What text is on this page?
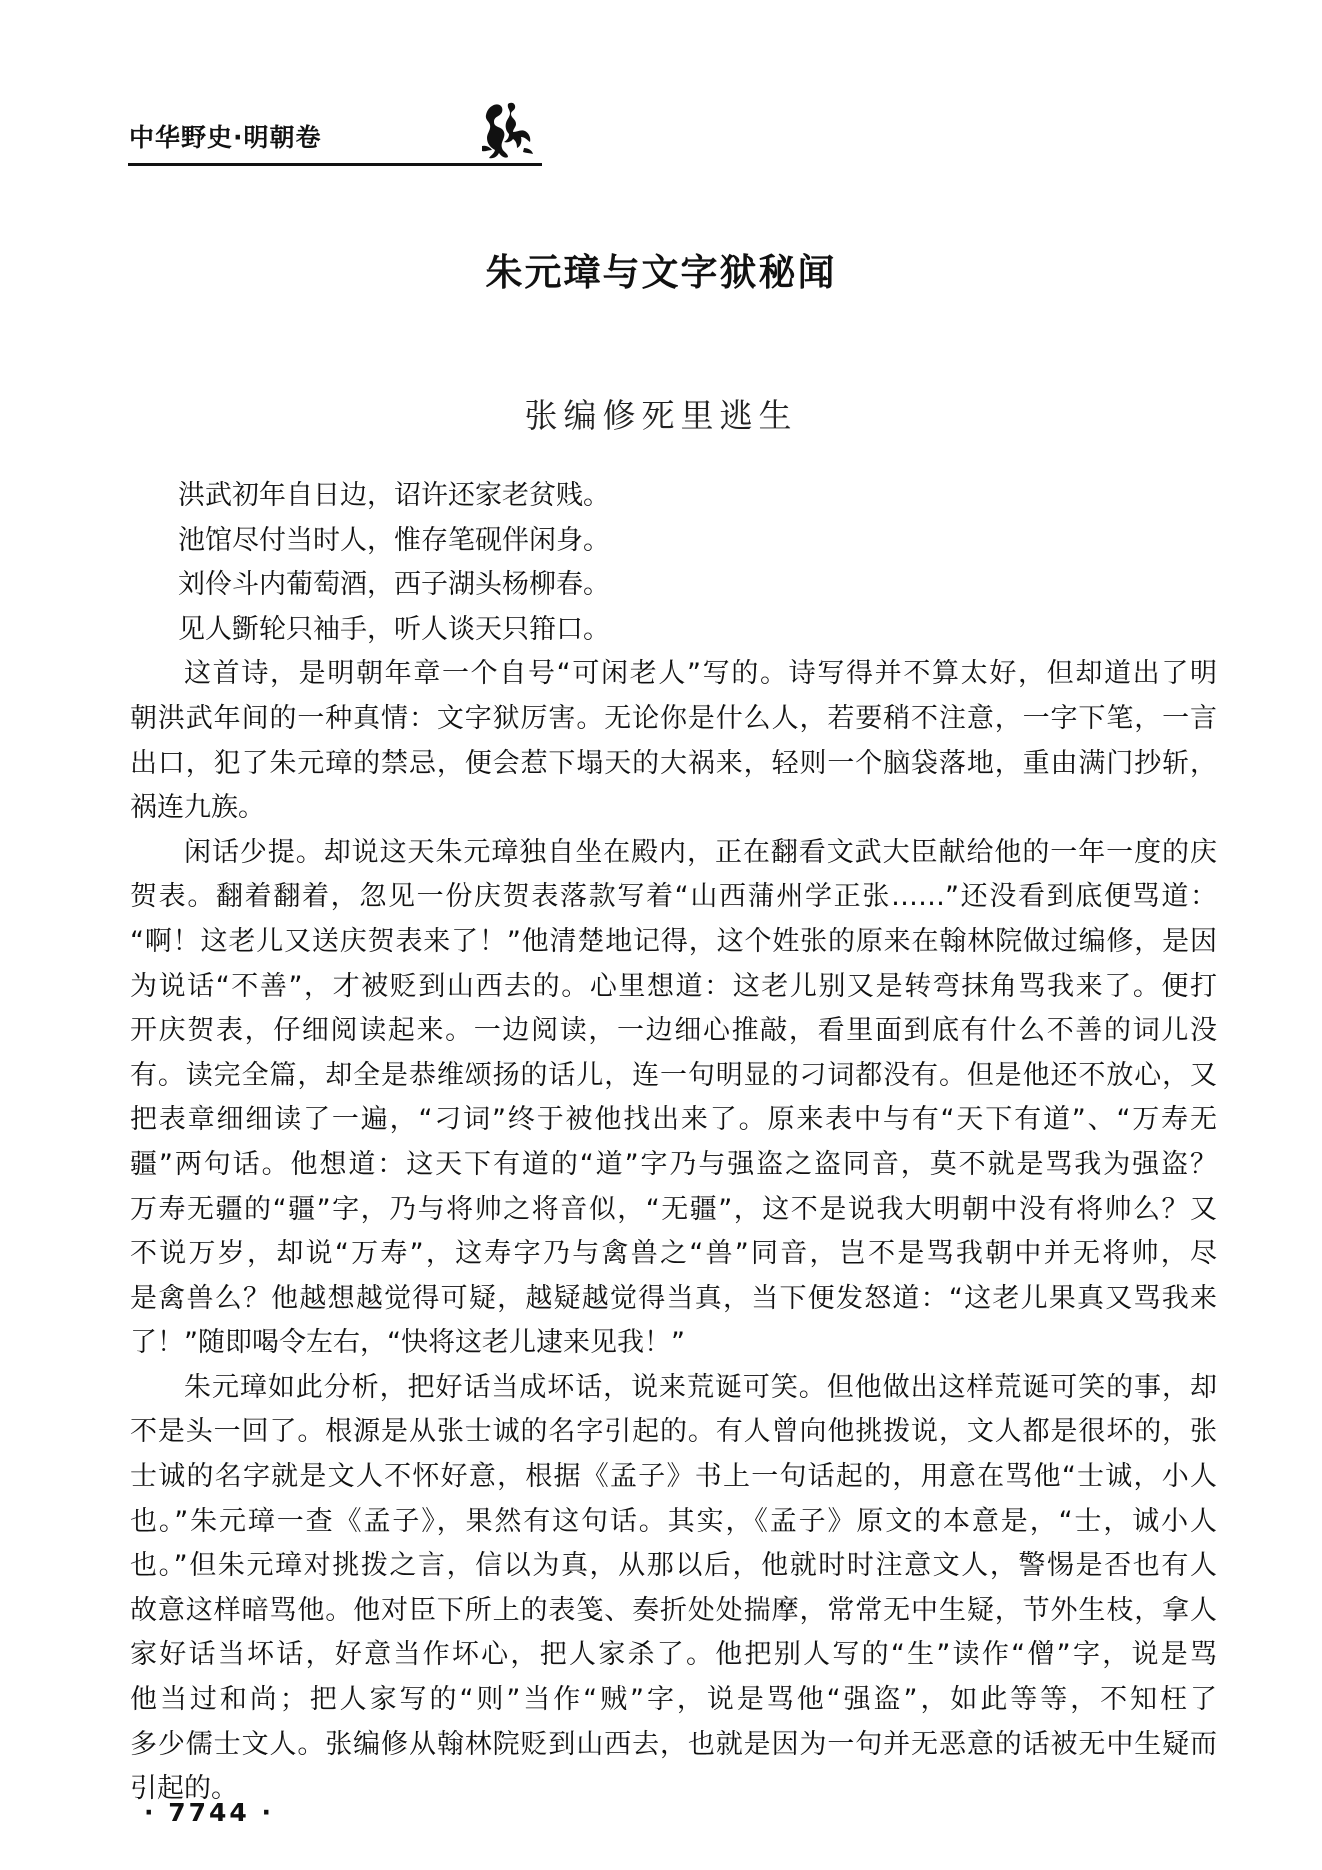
中华野史·明朝卷
朱元璋与文字狱秘闻
张编修死里逃生
洪武初年自日边，诏许还家老贫贱。
池馆尽付当时人，惟存笔砚伴闲身。
刘伶斗内葡萄酒，西子湖头杨柳春。
见人斵轮只袖手，听人谈天只箝口。
这首诗，是明朝年章一个自号“可闲老人”写的。诗写得并不算太好，但却道出了明
朝洪武年间的一种真情：文字狱厉害。无论你是什么人，若要稍不注意，一字下笔，一言
出口，犯了朱元璋的禁忌，便会惹下塌天的大祸来，轻则一个脑袋落地，重由满门抄斩，
祸连九族。
闲话少提。却说这天朱元璋独自坐在殿内，正在翻看文武大臣献给他的一年一度的庆
贺表。翻着翻着，忽见一份庆贺表落款写着“山西蒲州学正张……”还没看到底便骂道：
“啊！这老儿又送庆贺表来了！”他清楚地记得，这个姓张的原来在翰林院做过编修，是因
为说话“不善”，才被贬到山西去的。心里想道：这老儿别又是转弯抹角骂我来了。便打
开庆贺表，仔细阅读起来。一边阅读，一边细心推敲，看里面到底有什么不善的词儿没
有。读完全篇，却全是恭维颂扬的话儿，连一句明显的刁词都没有。但是他还不放心，又
把表章细细读了一遍，“刁词”终于被他找出来了。原来表中与有“天下有道”、“万寿无
疆”两句话。他想道：这天下有道的“道”字乃与强盗之盗同音，莫不就是骂我为强盗？
万寿无疆的“疆”字，乃与将帅之将音似，“无疆”，这不是说我大明朝中没有将帅么？又
不说万岁，却说“万寿”，这寿字乃与禽兽之“兽”同音，岂不是骂我朝中并无将帅，尽
是禽兽么？他越想越觉得可疑，越疑越觉得当真，当下便发怒道：“这老儿果真又骂我来
了！”随即喝令左右，“快将这老儿逮来见我！”
朱元璋如此分析，把好话当成坏话，说来荒诞可笑。但他做出这样荒诞可笑的事，却
不是头一回了。根源是从张士诚的名字引起的。有人曾向他挑拨说，文人都是很坏的，张
士诚的名字就是文人不怀好意，根据《孟子》书上一句话起的，用意在骂他“士诚，小人
也。”朱元璋一查《孟子》，果然有这句话。其实，《孟子》原文的本意是，“士，诚小人
也。”但朱元璋对挑拨之言，信以为真，从那以后，他就时时注意文人，警惕是否也有人
故意这样暗骂他。他对臣下所上的表笺、奏折处处揣摩，常常无中生疑，节外生枝，拿人
家好话当坏话，好意当作坏心，把人家杀了。他把别人写的“生”读作“僧”字，说是骂
他当过和尚；把人家写的“则”当作“贼”字，说是骂他“强盗”，如此等等，不知枉了
多少儒士文人。张编修从翰林院贬到山西去，也就是因为一句并无恶意的话被无中生疑而
引起的。
· 7744 ·
